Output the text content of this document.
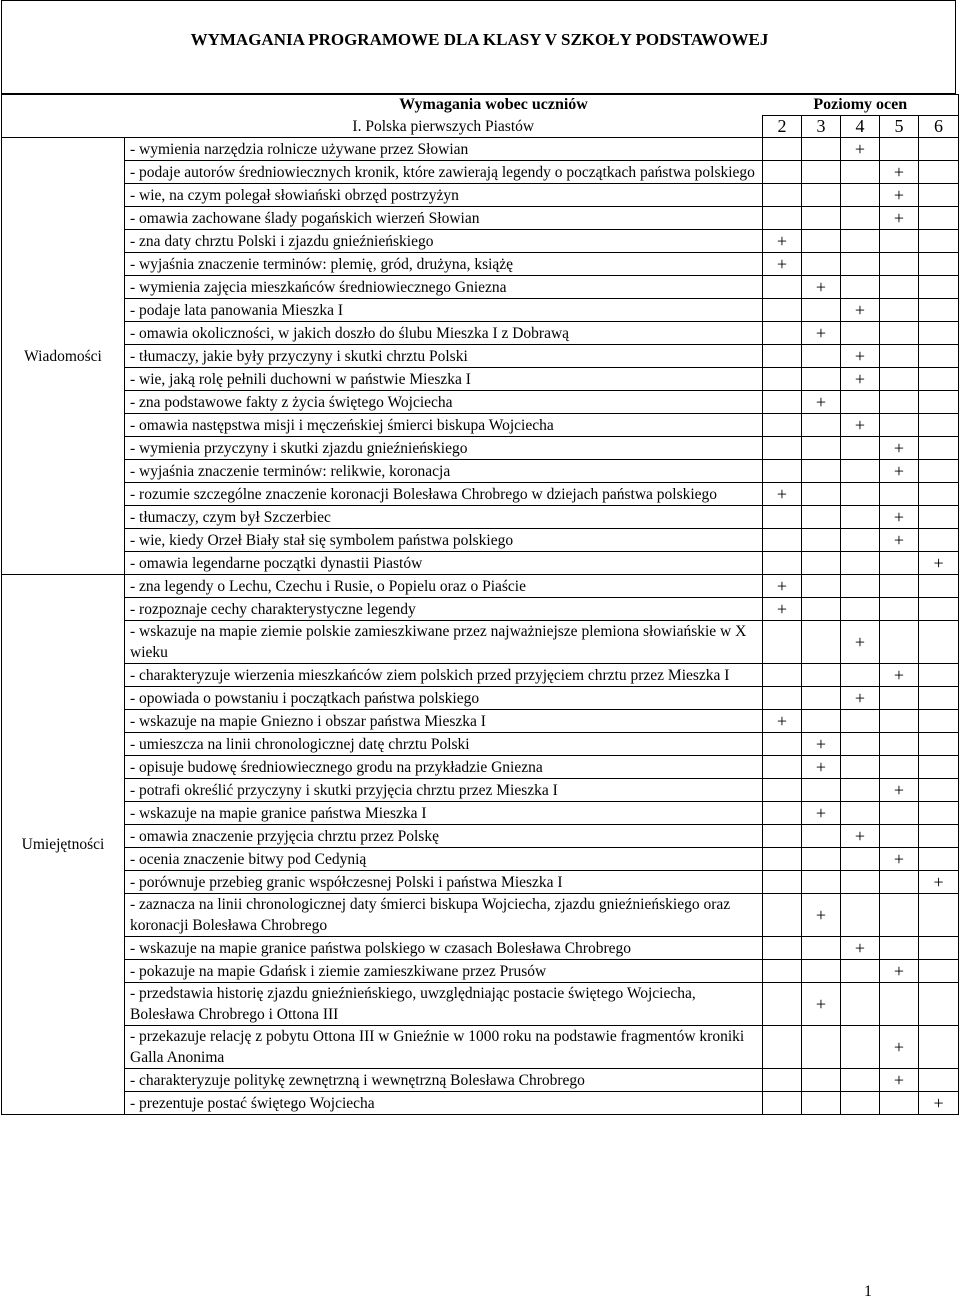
WYMAGANIA PROGRAMOWE DLA KLASY V SZKOŁY PODSTAWOWEJ
	Wymagania wobec uczniów	Poziomy ocen				
	I. Polska pierwszych Piastów	2	3	4	5	6
Wiadomości	- wymienia narzędzia rolnicze używane przez Słowian			+		
	- podaje autorów średniowiecznych kronik, które zawierają legendy o początkach państwa polskiego				+	
	- wie, na czym polegał słowiański obrzęd postrzyżyn				+	
	- omawia zachowane ślady pogańskich wierzeń Słowian				+	
	- zna daty chrztu Polski i zjazdu gnieźnieńskiego	+				
	- wyjaśnia znaczenie terminów: plemię, gród, drużyna, książę	+				
	- wymienia zajęcia mieszkańców średniowiecznego Gniezna		+			
	- podaje lata panowania Mieszka I			+		
	- omawia okoliczności, w jakich doszło do ślubu Mieszka I z Dobrawą		+			
	- tłumaczy, jakie były przyczyny i skutki chrztu Polski			+		
	- wie, jaką rolę pełnili duchowni w państwie Mieszka I			+		
	- zna podstawowe fakty z życia świętego Wojciecha		+			
	- omawia następstwa misji i męczeńskiej śmierci biskupa Wojciecha			+		
	- wymienia przyczyny i skutki zjazdu gnieźnieńskiego				+	
	- wyjaśnia znaczenie terminów: relikwie, koronacja				+	
	- rozumie szczególne znaczenie koronacji Bolesława Chrobrego w dziejach państwa polskiego	+				
	- tłumaczy, czym był Szczerbiec				+	
	- wie, kiedy Orzeł Biały stał się symbolem państwa polskiego				+	
	- omawia legendarne początki dynastii Piastów					+
Umiejętności	- zna legendy o Lechu, Czechu i Rusie, o Popielu oraz o Piaście	+				
	- rozpoznaje cechy charakterystyczne legendy	+				
	- wskazuje na mapie ziemie polskie zamieszkiwane przez najważniejsze plemiona słowiańskie w X wieku			+		
	- charakteryzuje wierzenia mieszkańców ziem polskich przed przyjęciem chrztu przez Mieszka I				+	
	- opowiada o powstaniu i początkach państwa polskiego			+		
	- wskazuje na mapie Gniezno i obszar państwa Mieszka I	+				
	- umieszcza na linii chronologicznej datę chrztu Polski		+			
	- opisuje budowę średniowiecznego grodu na przykładzie Gniezna		+			
	- potrafi określić przyczyny i skutki przyjęcia chrztu przez Mieszka I				+	
	- wskazuje na mapie granice państwa Mieszka I		+			
	- omawia znaczenie przyjęcia chrztu przez Polskę			+		
	- ocenia znaczenie bitwy pod Cedynią				+	
	- porównuje przebieg granic współczesnej Polski i państwa Mieszka I					+
	- zaznacza na linii chronologicznej daty śmierci biskupa Wojciecha, zjazdu gnieźnieńskiego oraz koronacji Bolesława Chrobrego		+			
	- wskazuje na mapie granice państwa polskiego w czasach Bolesława Chrobrego			+		
	- pokazuje na mapie Gdańsk i ziemie zamieszkiwane przez Prusów				+	
	- przedstawia historię zjazdu gnieźnieńskiego, uwzględniając postacie świętego Wojciecha, Bolesława Chrobrego i Ottona III		+			
	- przekazuje relację z pobytu Ottona III w Gnieźnie w 1000 roku na podstawie fragmentów kroniki Galla Anonima				+	
	- charakteryzuje politykę zewnętrzną i wewnętrzną Bolesława Chrobrego				+	
	- prezentuje postać świętego Wojciecha					+
1
